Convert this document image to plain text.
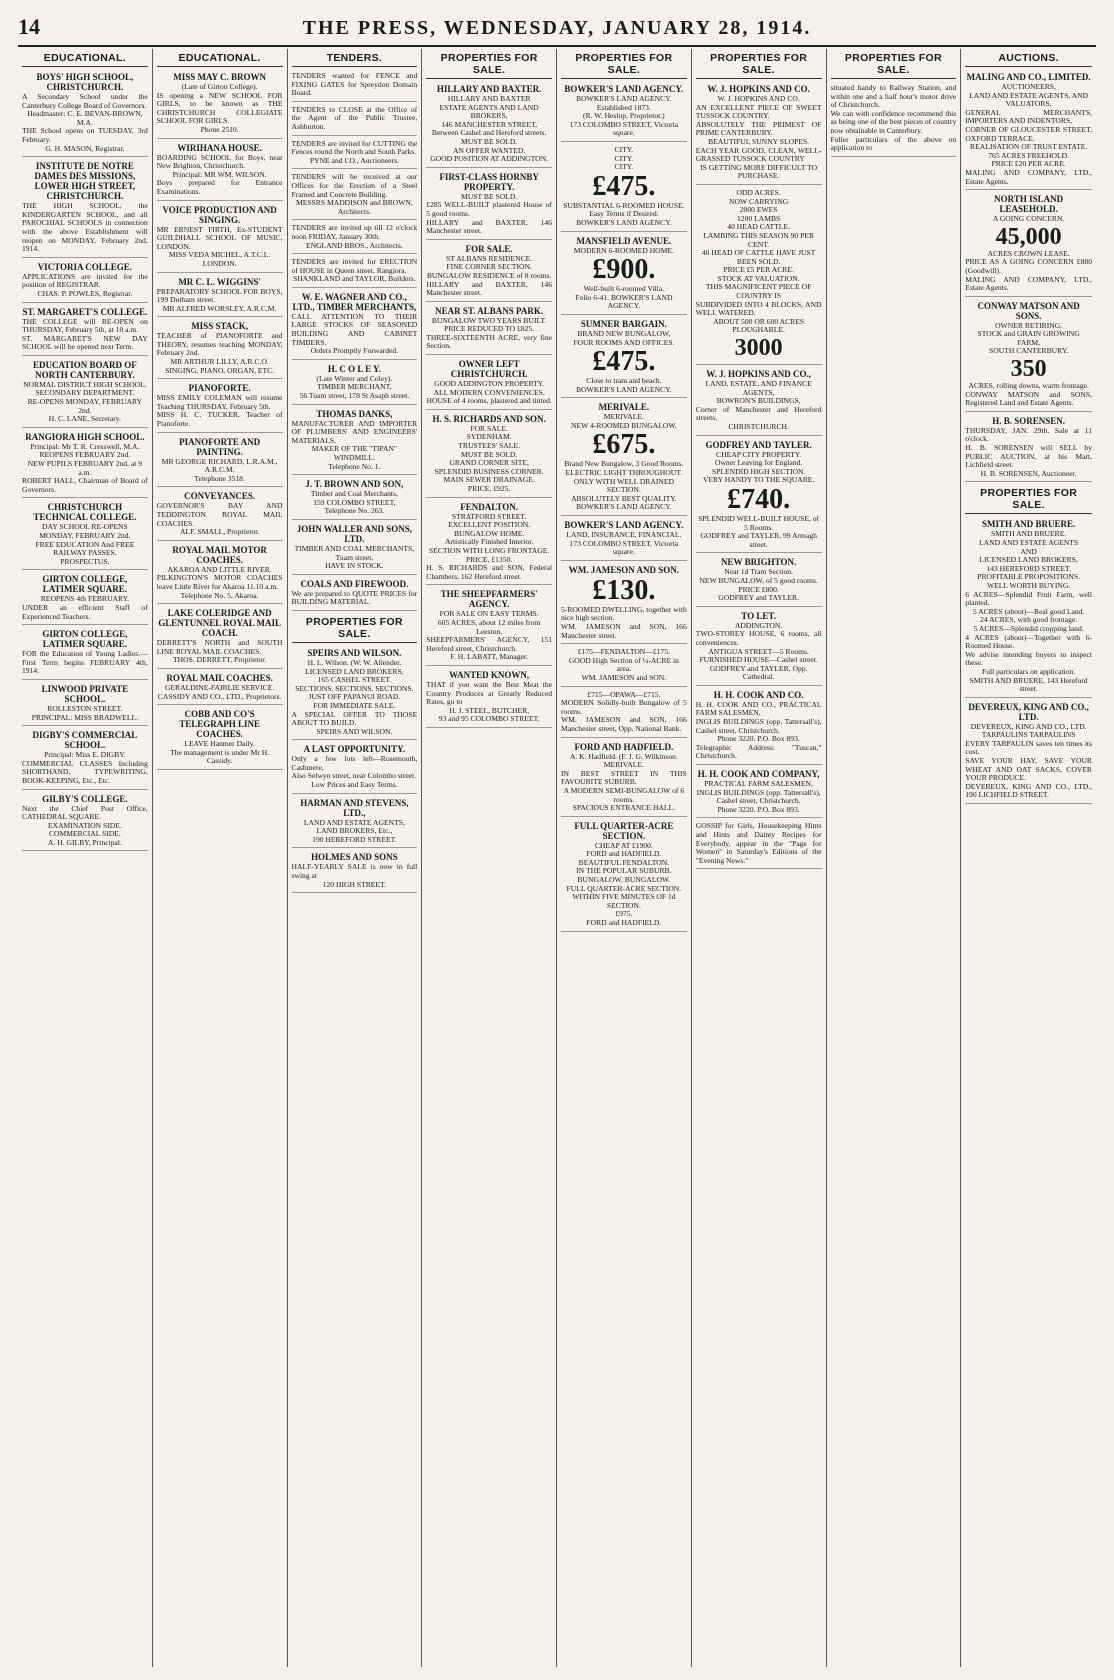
14	THE PRESS, WEDNESDAY, JANUARY 28, 1914.
EDUCATIONAL.
BOYS' HIGH SCHOOL, CHRISTCHURCH.

A Secondary School under the Canterbury College Board of Governors.

Headmaster: C. E. BEVAN-BROWN, M.A.

THE School opens on TUESDAY, 3rd February.

G. H. MASON, Registrar.

INSTITUTE DE NOTRE DAMES DES MISSIONS, LOWER HIGH STREET, CHRISTCHURCH.

THE HIGH SCHOOL, the KINDERGARTEN SCHOOL, and all PAROCHIAL SCHOOLS in connection with the above Establishment will reopen on MONDAY, February 2nd, 1914.

VICTORIA COLLEGE.

APPLICATIONS are invited for the position of REGISTRAR.

CHAS. P. POWLES, Registrar.

ST. MARGARET'S COLLEGE.

THE COLLEGE will RE-OPEN on THURSDAY, February 5th, at 10 a.m.

ST. MARGARET'S NEW DAY SCHOOL will be opened next Term.

EDUCATION BOARD OF NORTH CANTERBURY.

NORMAL DISTRICT HIGH SCHOOL.

SECONDARY DEPARTMENT.

RE-OPENS MONDAY, FEBRUARY 2nd.

H. C. LANE, Secretary.

RANGIORA HIGH SCHOOL.

Principal: Mr T. R. Cresswell, M.A.

REOPENS FEBRUARY 2nd.

NEW PUPILS FEBRUARY 2nd, at 9 a.m.

ROBERT HALL, Chairman of Board of Governors.

CHRISTCHURCH TECHNICAL COLLEGE.

DAY SCHOOL RE-OPENS

MONDAY, FEBRUARY 2nd.

FREE EDUCATION And FREE RAILWAY PASSES.

PROSPECTUS.

GIRTON COLLEGE, LATIMER SQUARE.

REOPENS 4th FEBRUARY.

UNDER an efficient Staff of Experienced Teachers.

GIRTON COLLEGE, LATIMER SQUARE.

FOR the Education of Young Ladies.—First Term begins FEBRUARY 4th, 1914.

LINWOOD PRIVATE SCHOOL.

ROLLESTON STREET.

PRINCIPAL: MISS BRADWELL.

DIGBY'S COMMERCIAL SCHOOL.

Principal: Miss E. DIGBY.

COMMERCIAL CLASSES Including SHORTHAND, TYPEWRITING, BOOK-KEEPING, Etc., Etc.

GILBY'S COLLEGE.

Next the Chief Post Office, CATHEDRAL SQUARE.

EXAMINATION SIDE.

COMMERCIAL SIDE.

A. H. GILBY, Principal.

EDUCATIONAL.
MISS MAY C. BROWN

(Late of Girton College).

IS opening a NEW SCHOOL FOR GIRLS, to be known as THE CHRISTCHURCH COLLEGIATE SCHOOL FOR GIRLS.

Phone 2510.

WIRIHANA HOUSE.

BOARDING SCHOOL for Boys, near New Brighton, Christchurch.

Principal: MR WM. WILSON.

Boys prepared for Entrance Examinations.

VOICE PRODUCTION AND SINGING.

MR ERNEST FIRTH, Ex-STUDENT GUILDHALL SCHOOL OF MUSIC, LONDON.

MISS VEDA MICHEL, A.T.C.L. LONDON.

MR C. L. WIGGINS'

PREPARATORY SCHOOL FOR BOYS, 199 Durham street.

MR ALFRED WORSLEY, A.R.C.M.

MISS STACK,

TEACHER of PIANOFORTE and THEORY, resumes teaching MONDAY, February 2nd.

MR ARTHUR LILLY, A.R.C.O.

SINGING, PIANO, ORGAN, ETC.

PIANOFORTE.

MISS EMILY COLEMAN will resume Teaching THURSDAY, February 5th.

MISS H. C. TUCKER, Teacher of Pianoforte.

PIANOFORTE AND PAINTING.

MR GEORGE RICHARD, L.R.A.M., A.R.C.M.

Telephone 3518.

CONVEYANCES.

GOVERNOR'S BAY AND TEDDINGTON ROYAL MAIL COACHES.

ALF. SMALL, Proprietor.

ROYAL MAIL MOTOR COACHES.

AKAROA AND LITTLE RIVER.

PILKINGTON'S MOTOR COACHES leave Little River for Akaroa 11.10 a.m.

Telephone No. 5, Akaroa.

LAKE COLERIDGE AND GLENTUNNEL ROYAL MAIL COACH.

DERRETT'S NORTH and SOUTH LINE ROYAL MAIL COACHES.

THOS. DERRETT, Proprietor.

ROYAL MAIL COACHES.

GERALDINE-FAIRLIE SERVICE.

CASSIDY AND CO., LTD., Proprietors.

COBB AND CO'S TELEGRAPH LINE COACHES.

LEAVE Hanmer Daily.

The management is under Mr H. Cassidy.

TENDERS.

TENDERS wanted for FENCE and FIXING GATES for Spreydon Domain Board.

TENDERS to CLOSE at the Office of the Agent of the Public Trustee, Ashburton.

TENDERS are invited for CUTTING the Fences round the North and South Parks.

PYNE and CO., Auctioneers.

TENDERS will be received at our Offices for the Erection of a Steel Framed and Concrete Building.

MESSRS MADDISON and BROWN, Architects.

TENDERS are invited up till 12 o'clock noon FRIDAY, January 30th.

ENGLAND BROS., Architects.

TENDERS are invited for ERECTION of HOUSE in Queen street, Rangiora.

SHANKLAND and TAYLOR, Builders.

W. E. WAGNER AND CO., LTD., TIMBER MERCHANTS,

CALL ATTENTION TO THEIR LARGE STOCKS OF SEASONED BUILDING AND CABINET TIMBERS.

Orders Promptly Forwarded.

H. C O L E Y.

(Late Winter and Coley).

TIMBER MERCHANT,

56 Tuam street, 178 St Asaph street.

THOMAS DANKS,

MANUFACTURER AND IMPORTER OF PLUMBERS' AND ENGINEERS' MATERIALS.

MAKER OF THE "TIPAN" WINDMILL.

Telephone No. 1.

J. T. BROWN AND SON,

Timber and Coal Merchants,

159 COLOMBO STREET,

Telephone No. 263.

JOHN WALLER AND SONS, LTD.

TIMBER AND COAL MERCHANTS,

Tuam street,

HAVE IN STOCK.

COALS AND FIREWOOD.

We are prepared to QUOTE PRICES for BUILDING MATERIAL.

PROPERTIES FOR SALE.
SPEIRS AND WILSON.

H. L. Wilson. (W. W. Allender.

LICENSED LAND BROKERS,

165 CASHEL STREET.

SECTIONS. SECTIONS. SECTIONS.

JUST OFF PAPANUI ROAD.

FOR IMMEDIATE SALE.

A SPECIAL OFFER TO THOSE ABOUT TO BUILD.

SPEIRS AND WILSON.

A LAST OPPORTUNITY.

Only a few lots left—Rosemouth, Cashmere,

Also Selwyn street, near Colombo street.

Low Prices and Easy Terms.

HARMAN AND STEVENS, LTD.,

LAND AND ESTATE AGENTS,

LAND BROKERS, Etc.,

190 HEREFORD STREET.

HOLMES AND SONS

HALF-YEARLY SALE is now in full swing at

120 HIGH STREET.

PROPERTIES FOR SALE.
HILLARY AND BAXTER.

HILLARY AND BAXTER

ESTATE AGENTS AND LAND BROKERS,

146 MANCHESTER STREET,

Between Cashel and Hereford streets.

MUST BE SOLD.

AN OFFER WANTED.

GOOD POSITION AT ADDINGTON.

FIRST-CLASS HORNBY PROPERTY.

MUST BE SOLD.

£285 WELL-BUILT plastered House of 5 good rooms.

HILLARY and BAXTER, 146 Manchester street.

FOR SALE.

ST ALBANS RESIDENCE.

FINE CORNER SECTION.

BUNGALOW RESIDENCE of 8 rooms.

HILLARY and BAXTER, 146 Manchester street.

NEAR ST. ALBANS PARK.

BUNGALOW TWO YEARS BUILT.

PRICE REDUCED TO £825.

THREE-SIXTEENTH ACRE, very fine Section.

OWNER LEFT CHRISTCHURCH.

GOOD ADDINGTON PROPERTY.

ALL MODERN CONVENIENCES.

HOUSE of 4 rooms, plastered and tinted.

H. S. RICHARDS AND SON.

FOR SALE.

SYDENHAM.

TRUSTEES' SALE.

MUST BE SOLD.

GRAND CORNER SITE,

SPLENDID BUSINESS CORNER.

MAIN SEWER DRAINAGE.

PRICE, £925.

FENDALTON.

STRATFORD STREET.

EXCELLENT POSITION.

BUNGALOW HOME.

Artistically Finished Interior.

SECTION WITH LONG FRONTAGE.

PRICE, £1350.

H. S. RICHARDS and SON, Federal Chambers, 162 Hereford street.

THE SHEEPFARMERS' AGENCY.

FOR SALE ON EASY TERMS.

605 ACRES, about 12 miles from Leeston.

SHEEPFARMERS' AGENCY, 151 Hereford street, Christchurch.

F. H. LABATT, Manager.

WANTED KNOWN,

THAT if you want the Best Meat the Country Produces at Greatly Reduced Rates, go to

H. J. STEEL, BUTCHER,

93 and 95 COLOMBO STREET.

PROPERTIES FOR SALE.
BOWKER'S LAND AGENCY.

BOWKER'S LAND AGENCY.

Established 1873.

(R. W. Heslop, Proprietor.)

173 COLOMBO STREET, Victoria square.

CITY.

CITY.

CITY.

£475.

SUBSTANTIAL 6-ROOMED HOUSE.

Easy Terms if Desired.

BOWKER'S LAND AGENCY.

MANSFIELD AVENUE.

MODERN 6-ROOMED HOME.

£900.

Well-built 6-roomed Villa.

Folio 6-41. BOWKER'S LAND AGENCY.

SUMNER BARGAIN.

BRAND NEW BUNGALOW,

FOUR ROOMS AND OFFICES.

£475.

Close to tram and beach.

BOWKER'S LAND AGENCY.

MERIVALE.

MERIVALE.

NEW 4-ROOMED BUNGALOW.

£675.

Brand New Bungalow, 3 Good Rooms.

ELECTRIC LIGHT THROUGHOUT.

ONLY WITH WELL DRAINED SECTION.

ABSOLUTELY BEST QUALITY.

BOWKER'S LAND AGENCY.

BOWKER'S LAND AGENCY.

LAND, INSURANCE, FINANCIAL.

173 COLOMBO STREET, Victoria square.

WM. JAMESON AND SON.
£130.

5-ROOMED DWELLING, together with nice high section.

WM. JAMESON and SON, 166 Manchester street.

£175—FENDALTON—£175.

GOOD High Section of ¼-ACRE in area.

WM. JAMESON and SON.

£715—OPAWA—£715.

MODERN Solidly-built Bungalow of 5 rooms.

WM. JAMESON and SON, 166 Manchester street, Opp. National Bank.

FORD AND HADFIELD.

A. K. Hadfield. (F. J. G. Wilkinson.

MERIVALE.

IN BEST STREET IN THIS FAVOURITE SUBURB.

A MODERN SEMI-BUNGALOW of 6 rooms.

SPACIOUS ENTRANCE HALL.

FULL QUARTER-ACRE SECTION.

CHEAP AT £1900.

FORD and HADFIELD.

BEAUTIFUL FENDALTON.

IN THE POPULAR SUBURB.

BUNGALOW, BUNGALOW.

FULL QUARTER-ACRE SECTION.

WITHIN FIVE MINUTES OF 1d SECTION.

£975.

FORD and HADFIELD.

PROPERTIES FOR SALE.
W. J. HOPKINS AND CO.

W. J. HOPKINS AND CO.

AN EXCELLENT PIECE OF SWEET TUSSOCK COUNTRY.

ABSOLUTELY THE PRIMEST OF PRIME CANTERBURY.

BEAUTIFUL SUNNY SLOPES.

EACH YEAR GOOD, CLEAN, WELL-GRASSED TUSSOCK COUNTRY

IS GETTING MORE DIFFICULT TO PURCHASE.

ODD ACRES.

NOW CARRYING

2000 EWES

1200 LAMBS

40 HEAD CATTLE.

LAMBING THIS SEASON 90 PER CENT.

40 HEAD OF CATTLE HAVE JUST BEEN SOLD.

PRICE £5 PER ACRE.

STOCK AT VALUATION.

THIS MAGNIFICENT PIECE OF COUNTRY IS

SUBDIVIDED INTO 4 BLOCKS, AND WELL WATERED.

ABOUT 500 OR 600 ACRES PLOUGHABLE.

3000
W. J. HOPKINS AND CO.,

LAND, ESTATE, AND FINANCE AGENTS,

BOWRON'S BUILDINGS,

Corner of Manchester and Hereford streets,

CHRISTCHURCH.

GODFREY AND TAYLER.

CHEAP CITY PROPERTY.

Owner Leaving for England.

SPLENDID HIGH SECTION.

VERY HANDY TO THE SQUARE.

£740.

SPLENDID WELL-BUILT HOUSE, of 5 Rooms.

GODFREY and TAYLER, 99 Armagh street.

NEW BRIGHTON.

Near 1d Tram Section.

NEW BUNGALOW, of 5 good rooms.

PRICE £800.

GODFREY and TAYLER.

TO LET.

ADDINGTON.

TWO-STOREY HOUSE, 6 rooms, all conveniences.

ANTIGUA STREET—5 Rooms.

FURNISHED HOUSE—Cashel street.

GODFREY and TAYLER, Opp. Cathedral.

H. H. COOK AND CO.

H. H. COOK AND CO., PRACTICAL FARM SALESMEN,

INGLIS BUILDINGS (opp. Tattersall's), Cashel street, Christchurch.

Phone 3220. P.O. Box 893.

Telegraphic Address: "Tuscan," Christchurch.

H. H. COOK AND COMPANY,

PRACTICAL FARM SALESMEN,

INGLIS BUILDINGS (opp. Tattersall's),

Cashel street, Christchurch.

Phone 3220. P.O. Box 893.

GOSSIP for Girls, Housekeeping Hints and Hints and Dainty Recipes for Everybody, appear in the "Page for Women" in Saturday's Editions of the "Evening News."

PROPERTIES FOR SALE.

situated handy to Railway Station, and within one and a half hour's motor drive of Christchurch.

We can with confidence recommend this as being one of the best pieces of country now obtainable in Canterbury.

Fuller particulars of the above on application to

AUCTIONS.
MALING AND CO., LIMITED.

AUCTIONEERS,

LAND AND ESTATE AGENTS, AND VALUATORS,

GENERAL MERCHANTS, IMPORTERS AND INDENTORS,

CORNER OF GLOUCESTER STREET, OXFORD TERRACE.

REALISATION OF TRUST ESTATE.

765 ACRES FREEHOLD.

PRICE £20 PER ACRE.

MALING AND COMPANY, LTD., Estate Agents.

NORTH ISLAND LEASEHOLD.

A GOING CONCERN.

45,000

ACRES CROWN LEASE.

PRICE AS A GOING CONCERN £880 (Goodwill).

MALING AND COMPANY, LTD., Estate Agents.

CONWAY MATSON AND SONS.

OWNER RETIRING.

STOCK and GRAIN GROWING FARM,

SOUTH CANTERBURY.

350

ACRES, rolling downs, warm frontage.

CONWAY MATSON and SONS, Registered Land and Estate Agents.

H. B. SORENSEN.

THURSDAY, JAN. 29th. Sale at 11 o'clock.

H. B. SORENSEN will SELL by PUBLIC AUCTION, at his Mart, Lichfield street.

H. B. SORENSEN, Auctioneer.

PROPERTIES FOR SALE.
SMITH AND BRUERE.

SMITH AND BRUERE.

LAND AND ESTATE AGENTS

AND

LICENSED LAND BROKERS,

143 HEREFORD STREET.

PROFITABLE PROPOSITIONS.

WELL WORTH BUYING.

6 ACRES—Splendid Fruit Farm, well planted.

5 ACRES (about)—Real good Land.

24 ACRES, with good frontage.

5 ACRES—Splendid cropping land.

4 ACRES (about)—Together with 6-Roomed House.

We advise intending buyers to inspect these.

Full particulars on application.

SMITH AND BRUERE, 143 Hereford street.

DEVEREUX, KING AND CO., LTD.

DEVEREUX, KING AND CO., LTD.

TARPAULINS TARPAULINS

EVERY TARPAULIN saves ten times its cost.

SAVE YOUR HAY, SAVE YOUR WHEAT AND OAT SACKS, COVER YOUR PRODUCE.

DEVEREUX, KING AND CO., LTD., 190 LICHFIELD STREET.
